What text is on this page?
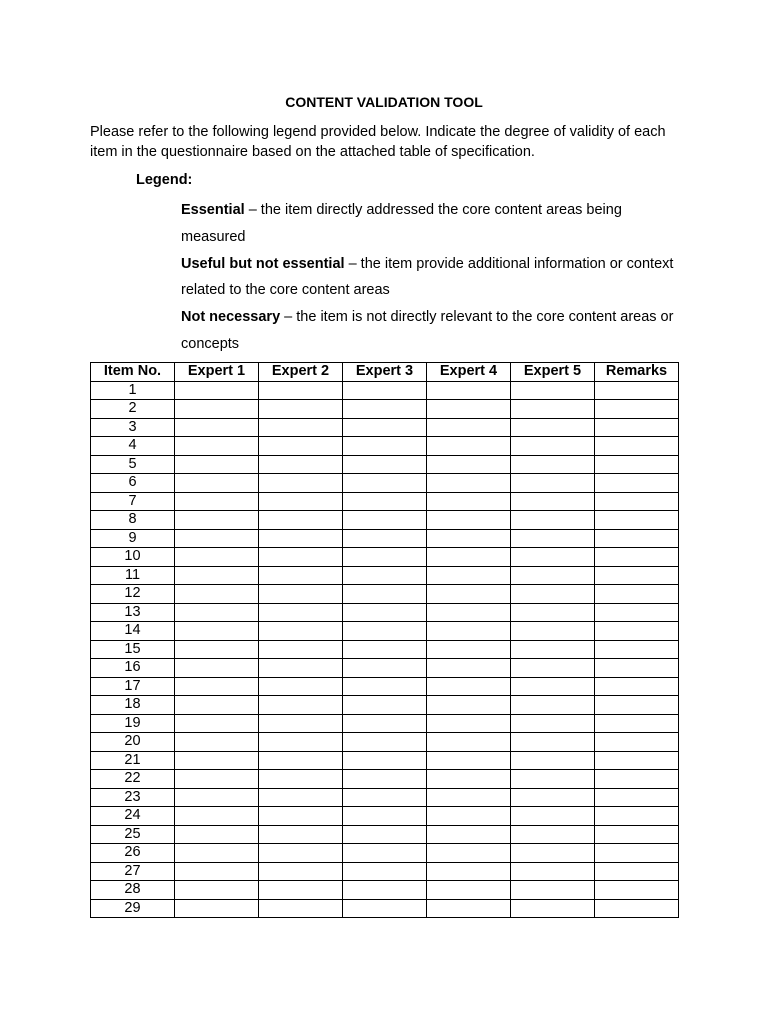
CONTENT VALIDATION TOOL

Please refer to the following legend provided below. Indicate the degree of validity of each item in the questionnaire based on the attached table of specification.

Legend:
Essential – the item directly addressed the core content areas being measured
Useful but not essential – the item provide additional information or context related to the core content areas
Not necessary – the item is not directly relevant to the core content areas or concepts
Item No.	Expert 1	Expert 2	Expert 3	Expert 4	Expert 5	Remarks
1						
2						
3						
4						
5						
6						
7						
8						
9						
10						
11						
12						
13						
14						
15						
16						
17						
18						
19						
20						
21						
22						
23						
24						
25						
26						
27						
28						
29						
